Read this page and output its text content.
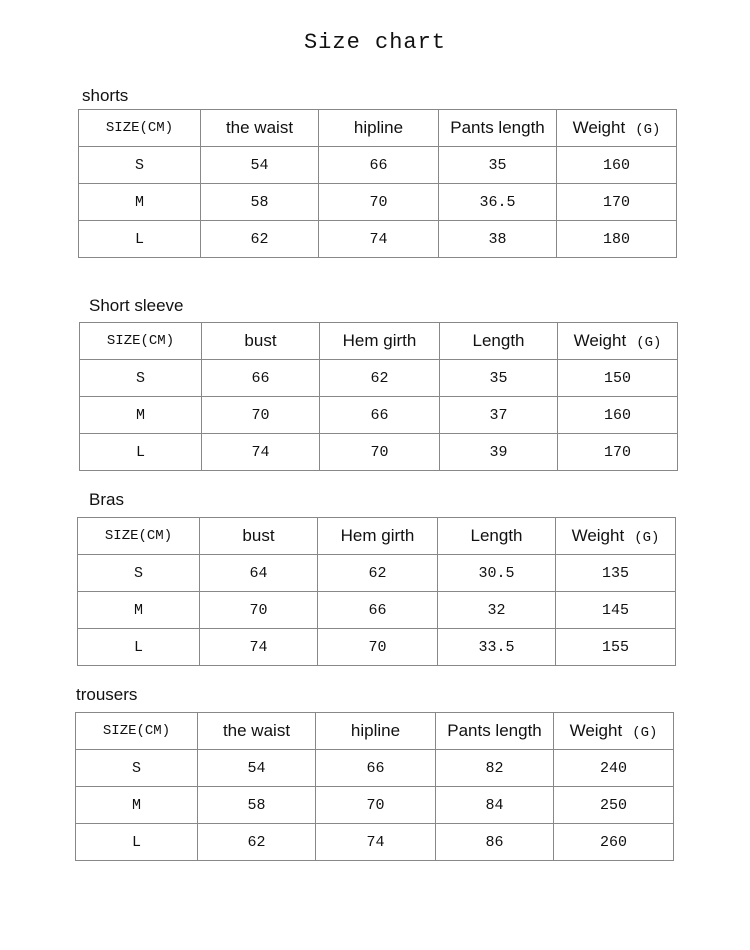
Size chart
shorts
SIZE(CM)	the waist	hipline	Pants length	Weight (G)
S	54	66	35	160
M	58	70	36.5	170
L	62	74	38	180
Short sleeve
SIZE(CM)	bust	Hem girth	Length	Weight (G)
S	66	62	35	150
M	70	66	37	160
L	74	70	39	170
Bras
SIZE(CM)	bust	Hem girth	Length	Weight (G)
S	64	62	30.5	135
M	70	66	32	145
L	74	70	33.5	155
trousers
SIZE(CM)	the waist	hipline	Pants length	Weight (G)
S	54	66	82	240
M	58	70	84	250
L	62	74	86	260
